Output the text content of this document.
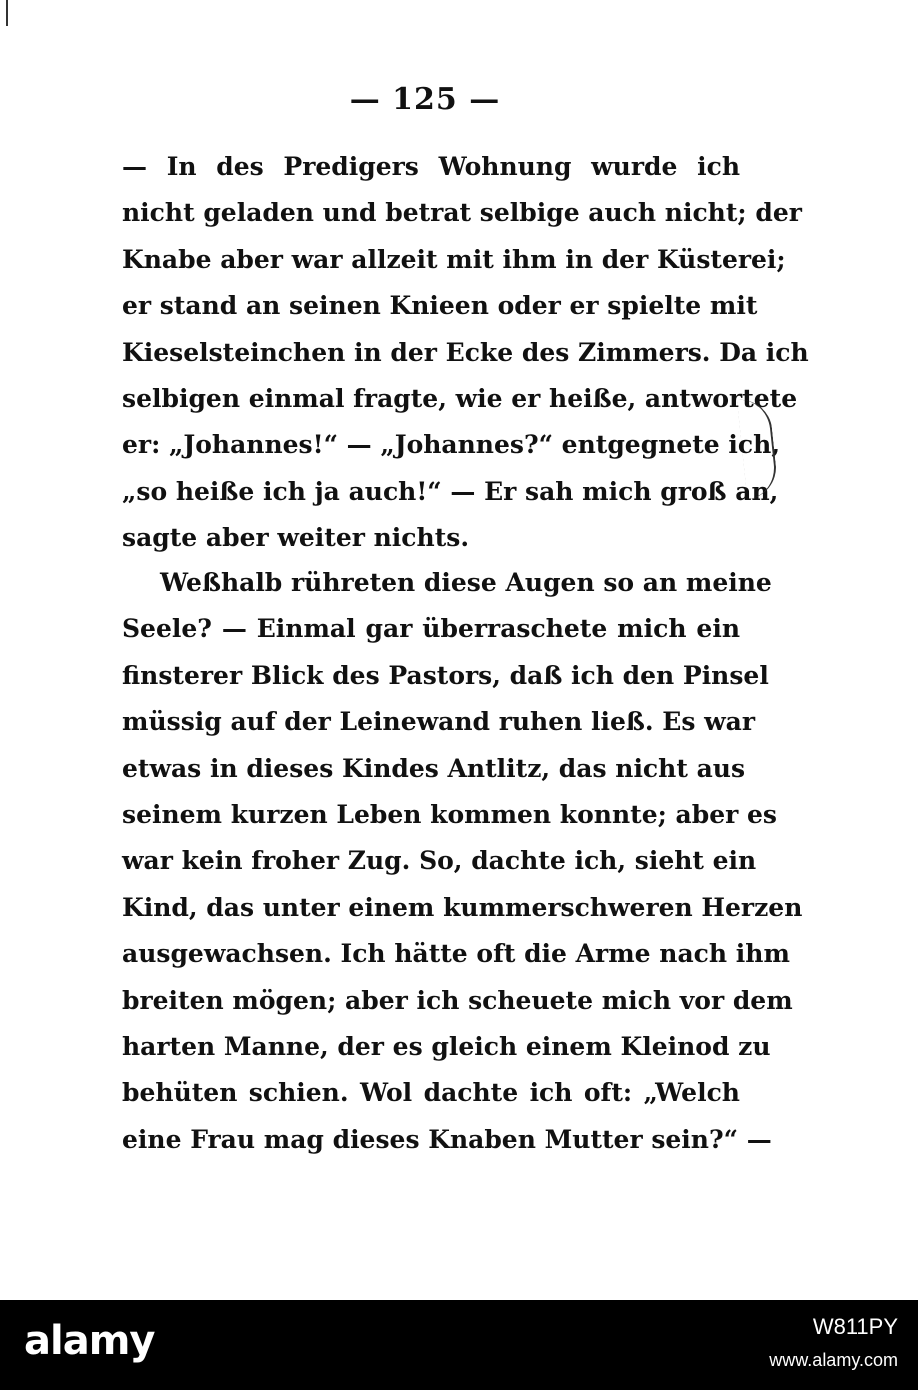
— 125 —
— In des Predigers Wohnung wurde ich
nicht geladen und betrat selbige auch nicht; der
Knabe aber war allzeit mit ihm in der Küsterei;
er stand an seinen Knieen oder er spielte mit
Kieselsteinchen in der Ecke des Zimmers. Da ich
selbigen einmal fragte, wie er heiße, antwortete
er: „Johannes!“ — „Johannes?“ entgegnete ich,
„so heiße ich ja auch!“ — Er sah mich groß an,
sagte aber weiter nichts.
Weßhalb rühreten diese Augen so an meine
Seele? — Einmal gar überraschete mich ein
finsterer Blick des Pastors, daß ich den Pinsel
müssig auf der Leinewand ruhen ließ. Es war
etwas in dieses Kindes Antlitz, das nicht aus
seinem kurzen Leben kommen konnte; aber es
war kein froher Zug. So, dachte ich, sieht ein
Kind, das unter einem kummerschweren Herzen
ausgewachsen. Ich hätte oft die Arme nach ihm
breiten mögen; aber ich scheuete mich vor dem
harten Manne, der es gleich einem Kleinod zu
behüten schien. Wol dachte ich oft: „Welch
eine Frau mag dieses Knaben Mutter sein?“ —
alamy	W811PY
www.alamy.com
